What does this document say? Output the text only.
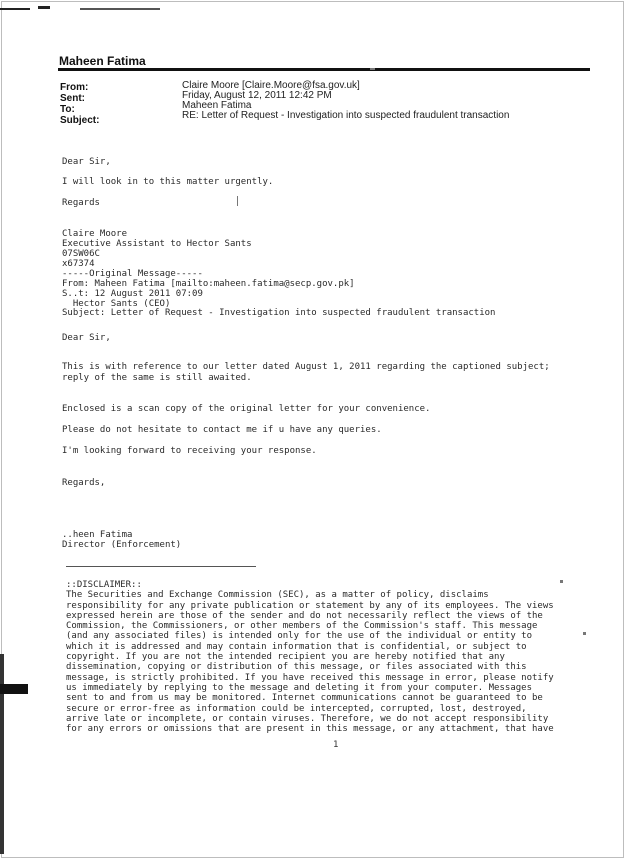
Maheen Fatima
From:	Claire Moore [Claire.Moore@fsa.gov.uk]
Sent:	Friday, August 12, 2011 12:42 PM
To:	Maheen Fatima
Subject:	RE: Letter of Request - Investigation into suspected fraudulent transaction
Dear Sir,
I will look in to this matter urgently.
Regards
Claire Moore
Executive Assistant to Hector Sants
07SW06C
x67374
-----Original Message-----
From: Maheen Fatima [mailto:maheen.fatima@secp.gov.pk]
S..t: 12 August 2011 07:09
Hector Sants (CEO)
Subject: Letter of Request - Investigation into suspected fraudulent transaction
Dear Sir,
This is with reference to our letter dated August 1, 2011 regarding the captioned subject;
reply of the same is still awaited.
Enclosed is a scan copy of the original letter for your convenience.
Please do not hesitate to contact me if u have any queries.
I'm looking forward to receiving your response.
Regards,
..heen Fatima
Director (Enforcement)
::DISCLAIMER::
The Securities and Exchange Commission (SEC), as a matter of policy, disclaims
responsibility for any private publication or statement by any of its employees. The views
expressed herein are those of the sender and do not necessarily reflect the views of the
Commission, the Commissioners, or other members of the Commission's staff. This message
(and any associated files) is intended only for the use of the individual or entity to
which it is addressed and may contain information that is confidential, or subject to
copyright. If you are not the intended recipient you are hereby notified that any
dissemination, copying or distribution of this message, or files associated with this
message, is strictly prohibited. If you have received this message in error, please notify
us immediately by replying to the message and deleting it from your computer. Messages
sent to and from us may be monitored. Internet communications cannot be guaranteed to be
secure or error-free as information could be intercepted, corrupted, lost, destroyed,
arrive late or incomplete, or contain viruses. Therefore, we do not accept responsibility
for any errors or omissions that are present in this message, or any attachment, that have
1
